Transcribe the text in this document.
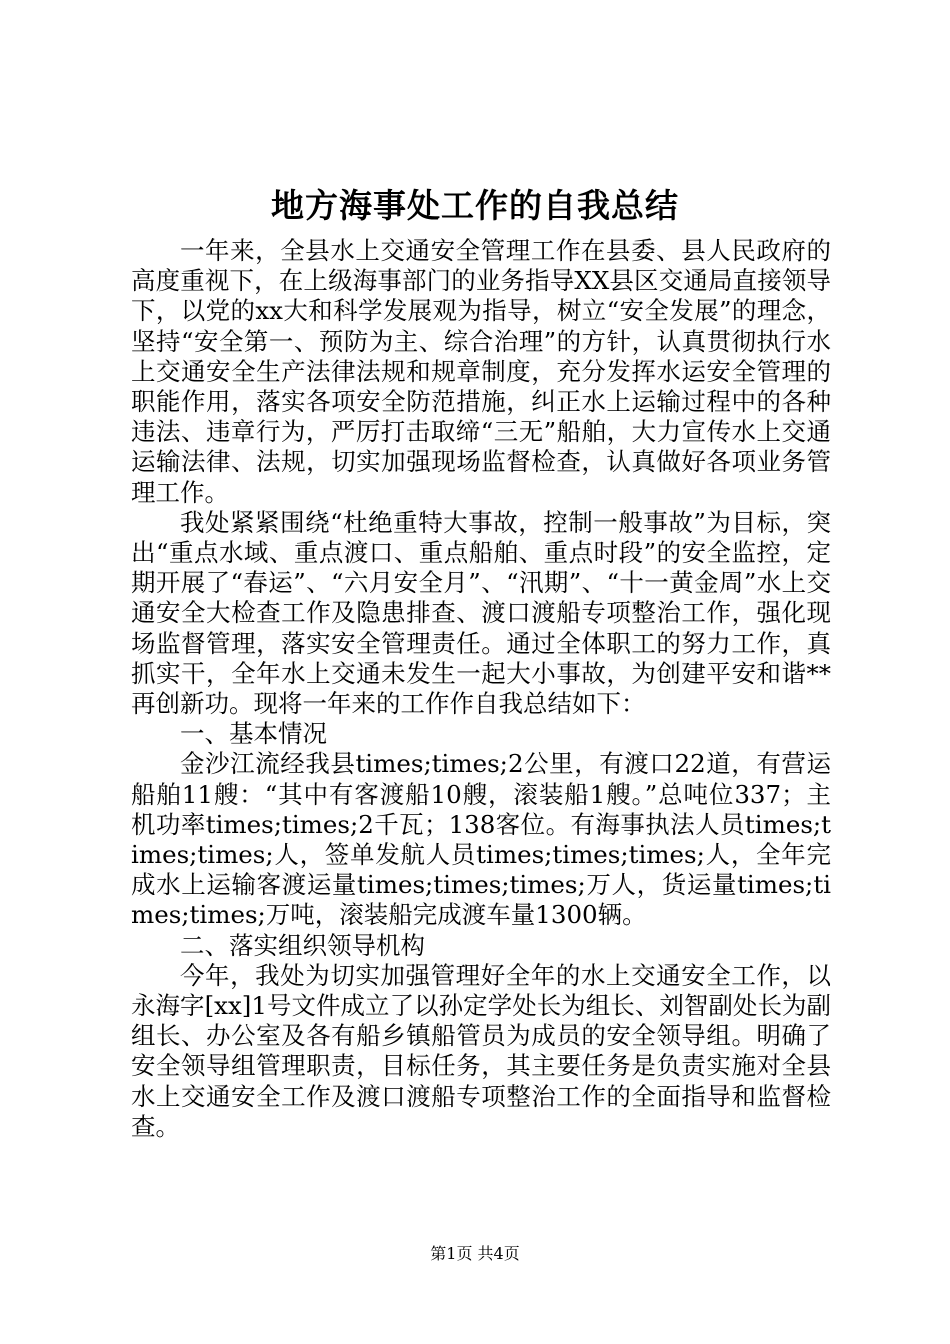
地方海事处工作的自我总结

一年来，全县水上交通安全管理工作在县委、县人民政府的高度重视下，在上级海事部门的业务指导XX县区交通局直接领导下，以党的xx大和科学发展观为指导，树立“安全发展”的理念，坚持“安全第一、预防为主、综合治理”的方针，认真贯彻执行水上交通安全生产法律法规和规章制度，充分发挥水运安全管理的职能作用，落实各项安全防范措施，纠正水上运输过程中的各种违法、违章行为，严厉打击取缔“三无”船舶，大力宣传水上交通运输法律、法规，切实加强现场监督检查，认真做好各项业务管理工作。

我处紧紧围绕“杜绝重特大事故，控制一般事故”为目标，突出“重点水域、重点渡口、重点船舶、重点时段”的安全监控，定期开展了“春运”、“六月安全月”、“汛期”、“十一黄金周”水上交通安全大检查工作及隐患排查、渡口渡船专项整治工作，强化现场监督管理，落实安全管理责任。通过全体职工的努力工作，真抓实干，全年水上交通未发生一起大小事故，为创建平安和谐**再创新功。现将一年来的工作作自我总结如下：

一、基本情况

金沙江流经我县times;times;2公里，有渡口22道，有营运船舶11艘：“其中有客渡船10艘，滚装船1艘。”总吨位337；主机功率times;times;2千瓦；138客位。有海事执法人员times;times;times;人，签单发航人员times;times;times;人，全年完成水上运输客渡运量times;times;times;万人，货运量times;times;times;万吨，滚装船完成渡车量1300辆。

二、落实组织领导机构

今年，我处为切实加强管理好全年的水上交通安全工作，以永海字[xx]1号文件成立了以孙定学处长为组长、刘智副处长为副组长、办公室及各有船乡镇船管员为成员的安全领导组。明确了安全领导组管理职责，目标任务，其主要任务是负责实施对全县水上交通安全工作及渡口渡船专项整治工作的全面指导和监督检查。

第1页 共4页
